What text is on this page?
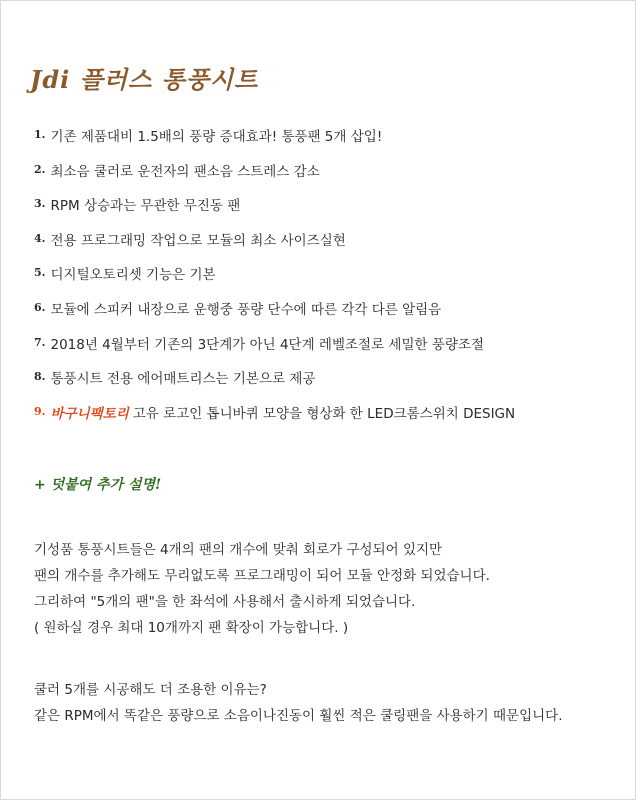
Jdi 플러스 통풍시트
1. 기존 제품대비 1.5배의 풍량 증대효과! 통풍팬 5개 삽입!
2. 최소음 쿨러로 운전자의 팬소음 스트레스 감소
3. RPM 상승과는 무관한 무진동 팬
4. 전용 프로그래밍 작업으로 모듈의 최소 사이즈실현
5. 디지털오토리셋 기능은 기본
6. 모듈에 스피커 내장으로 운행중 풍량 단수에 따른 각각 다른 알림음
7. 2018년 4월부터 기존의 3단계가 아닌 4단계 레벨조절로 세밀한 풍량조절
8. 통풍시트 전용 에어매트리스는 기본으로 제공
9. 바구니팩토리 고유 로고인 톱니바퀴 모양을 형상화 한 LED크롬스위치 DESIGN
+ 덧붙여 추가 설명!
기성품 통풍시트들은 4개의 팬의 개수에 맞춰 회로가 구성되어 있지만
팬의 개수를 추가해도 무리없도록 프로그래밍이 되어 모듈 안정화 되었습니다.
그리하여 "5개의 팬"을 한 좌석에 사용해서 출시하게 되었습니다.
( 원하실 경우 최대 10개까지 팬 확장이 가능합니다. )
쿨러 5개를 시공해도 더 조용한 이유는?
같은 RPM에서 똑같은 풍량으로 소음이나진동이 훨씬 적은 쿨링팬을 사용하기 때문입니다.
